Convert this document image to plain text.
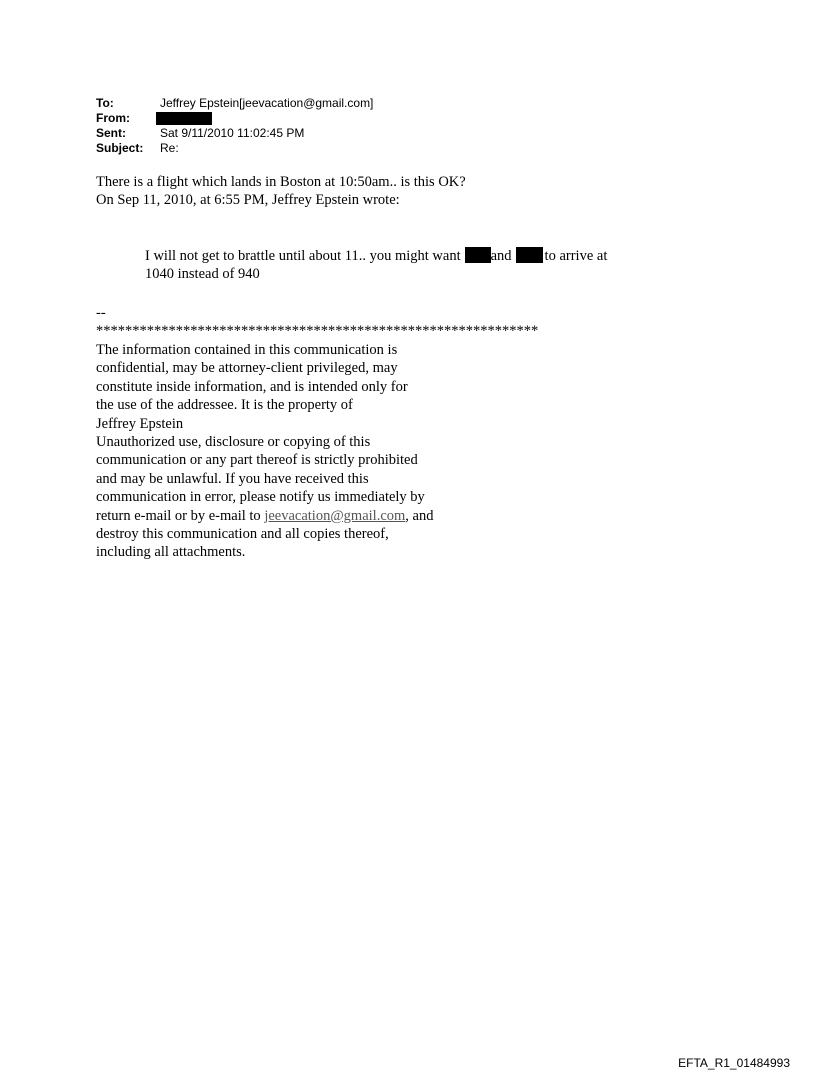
To:	Jeffrey Epstein[jeevacation@gmail.com]
From:
Sent:	Sat 9/11/2010 11:02:45 PM
Subject:	Re:
There is a flight which lands in Boston at 10:50am.. is this OK?
On Sep 11, 2010, at 6:55 PM, Jeffrey Epstein wrote:
I will not get to brattle until about 11.. you might want and to arrive at
1040 instead of 940
--
*************************************************************
The information contained in this communication is
confidential, may be attorney-client privileged, may
constitute inside information, and is intended only for
the use of the addressee. It is the property of
Jeffrey Epstein
Unauthorized use, disclosure or copying of this
communication or any part thereof is strictly prohibited
and may be unlawful. If you have received this
communication in error, please notify us immediately by
return e-mail or by e-mail to jeevacation@gmail.com, and
destroy this communication and all copies thereof,
including all attachments.
EFTA_R1_01484993
